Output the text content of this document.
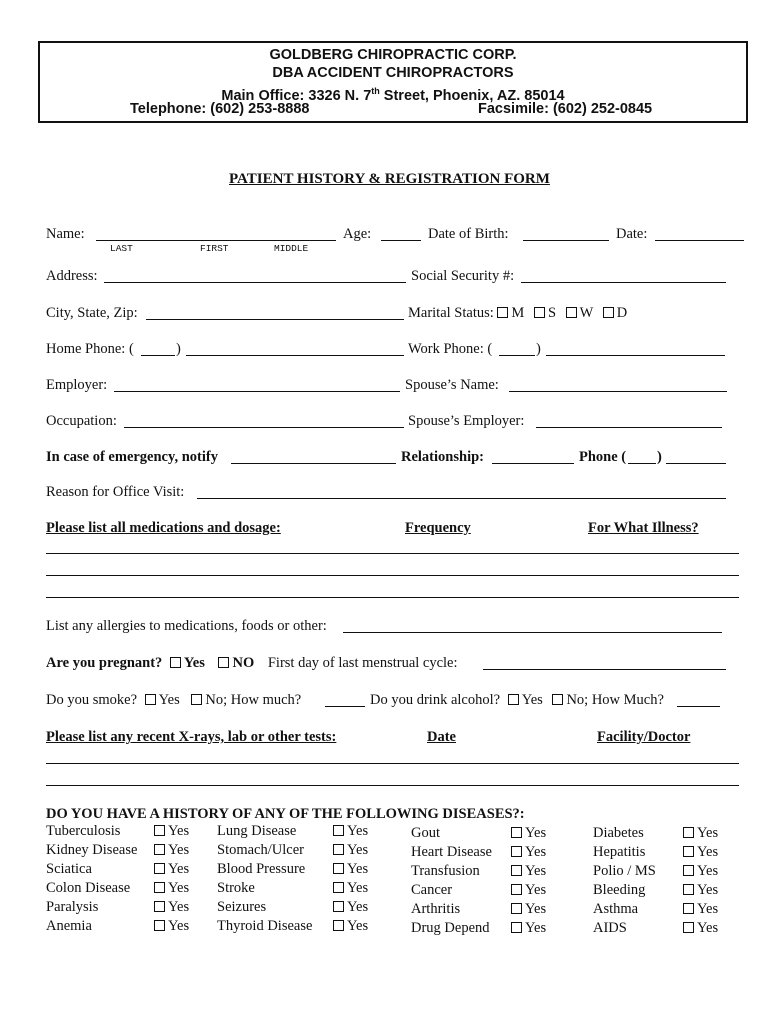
GOLDBERG CHIROPRACTIC CORP.
DBA ACCIDENT CHIROPRACTORS
Main Office: 3326 N. 7th Street, Phoenix, AZ. 85014
Telephone: (602) 253-8888	Facsimile: (602) 252-0845
PATIENT HISTORY & REGISTRATION FORM
Name:
LAST	FIRST	MIDDLE
Age:	Date of Birth:	Date:
Address:	Social Security #:
City, State, Zip:	Marital Status: M S W D
Home Phone: (	)	Work Phone: (	)
Employer:	Spouse’s Name:
Occupation:	Spouse’s Employer:
In case of emergency, notify	Relationship:	Phone ( )
Reason for Office Visit:
Please list all medications and dosage:	Frequency	For What Illness?
List any allergies to medications, foods or other:
Are you pregnant? Yes NO First day of last menstrual cycle:
Do you smoke? Yes No; How much?	Do you drink alcohol? Yes No; How Much?
Please list any recent X-rays, lab or other tests:	Date	Facility/Doctor
DO YOU HAVE A HISTORY OF ANY OF THE FOLLOWING DISEASES?:
Tuberculosis	Yes
Kidney Disease	Yes
Sciatica	Yes
Colon Disease	Yes
Paralysis	Yes
Anemia	Yes
Lung Disease	Yes
Stomach/Ulcer	Yes
Blood Pressure	Yes
Stroke	Yes
Seizures	Yes
Thyroid Disease	Yes
Gout	Yes
Heart Disease	Yes
Transfusion	Yes
Cancer	Yes
Arthritis	Yes
Drug Depend	Yes
Diabetes	Yes
Hepatitis	Yes
Polio / MS	Yes
Bleeding	Yes
Asthma	Yes
AIDS	Yes
